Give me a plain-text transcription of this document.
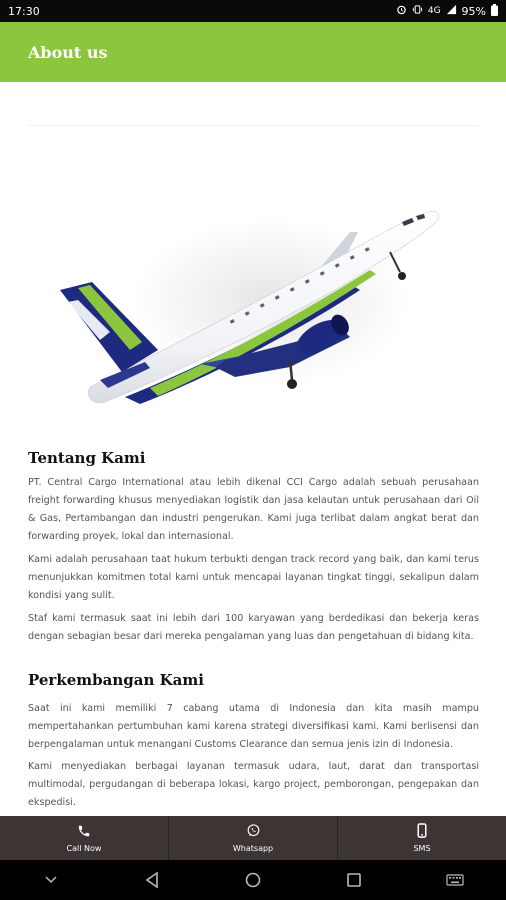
17:30	4G 95%
About us
Tentang Kami

PT. Central Cargo International atau lebih dikenal CCI Cargo adalah sebuah perusahaan freight forwarding khusus menyediakan logistik dan jasa kelautan untuk perusahaan dari Oil & Gas, Pertambangan dan industri pengerukan. Kami juga terlibat dalam angkat berat dan forwarding proyek, lokal dan internasional.

Kami adalah perusahaan taat hukum terbukti dengan track record yang baik, dan kami terus menunjukkan komitmen total kami untuk mencapai layanan tingkat tinggi, sekalipun dalam kondisi yang sulit.

Staf kami termasuk saat ini lebih dari 100 karyawan yang berdedikasi dan bekerja keras dengan sebagian besar dari mereka pengalaman yang luas dan pengetahuan di bidang kita.

Perkembangan Kami

Saat ini kami memiliki 7 cabang utama di Indonesia dan kita masih mampu mempertahankan pertumbuhan kami karena strategi diversifikasi kami. Kami berlisensi dan berpengalaman untuk menangani Customs Clearance dan semua jenis izin di Indonesia.

Kami menyediakan berbagai layanan termasuk udara, laut, darat dan transportasi multimodal, pergudangan di beberapa lokasi, kargo project, pemborongan, pengepakan dan ekspedisi.

Call Now	Whatsapp	SMS
